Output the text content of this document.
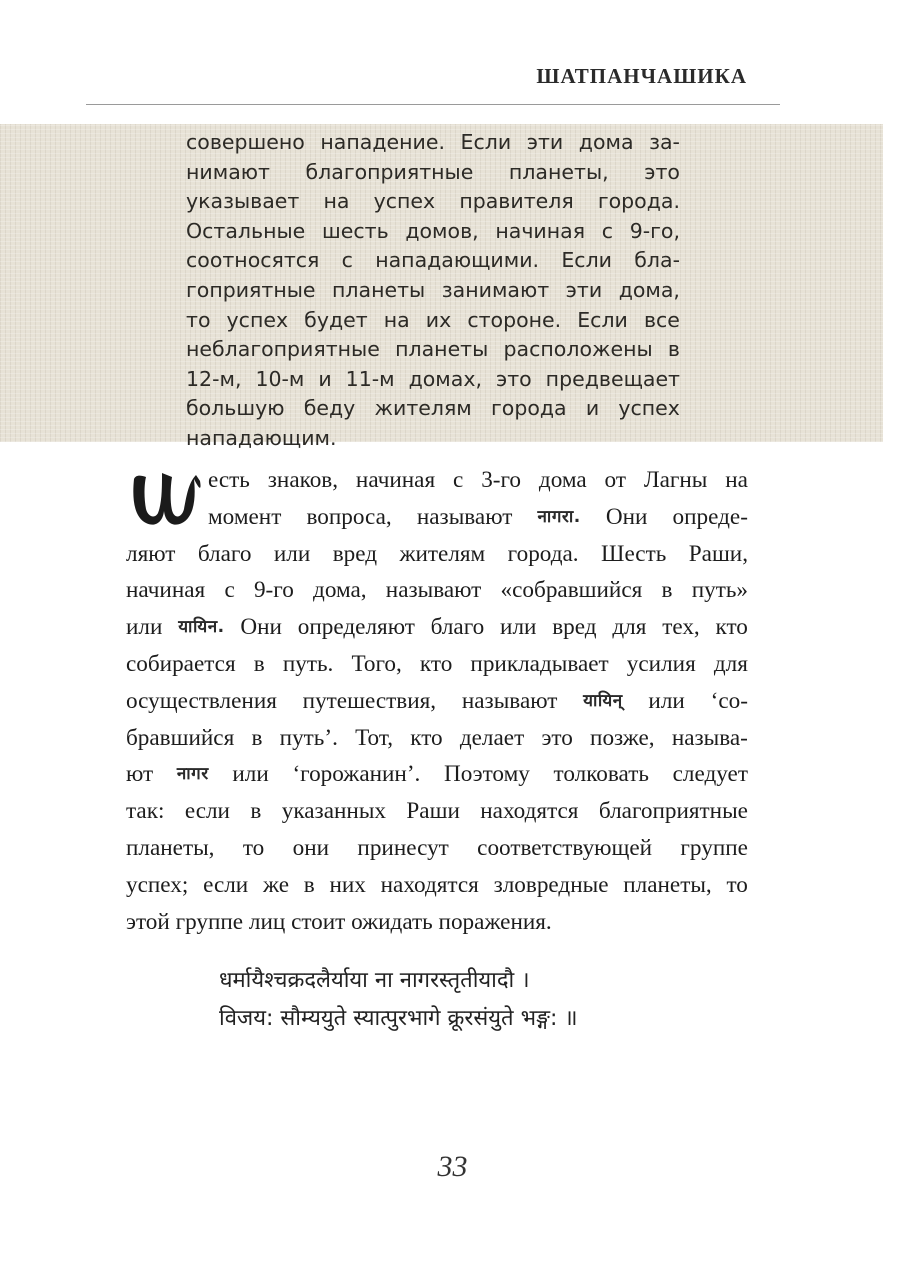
ШАТПАНЧАШИКА
совершено нападение. Если эти дома за-
нимают благоприятные планеты, это
указывает на успех правителя города.
Остальные шесть домов, начиная с 9-го,
соотносятся с нападающими. Если бла-
гоприятные планеты занимают эти дома,
то успех будет на их стороне. Если все
неблагоприятные планеты расположены в
12-м, 10-м и 11-м домах, это предвещает
большую беду жителям города и успех
нападающим.
есть знаков, начиная с 3-го дома от Лагны на
момент вопроса, называют नागरा. Они опреде-
ляют благо или вред жителям города. Шесть Раши,
начиная с 9-го дома, называют «собравшийся в путь»
или यायिन. Они определяют благо или вред для тех, кто
собирается в путь. Того, кто прикладывает усилия для
осуществления путешествия, называют यायिन् или ‘со-
бравшийся в путь’. Тот, кто делает это позже, называ-
ют नागर или ‘горожанин’. Поэтому толковать следует
так: если в указанных Раши находятся благоприятные
планеты, то они принесут соответствующей группе
успех; если же в них находятся зловредные планеты, то
этой группе лиц стоит ожидать поражения.
धर्मायैश्चक्रदलैर्याया ना नागरस्तृतीयादौ ।
विजय: सौम्ययुते स्यात्पुरभागे क्रूरसंयुते भङ्ग: ॥
33
